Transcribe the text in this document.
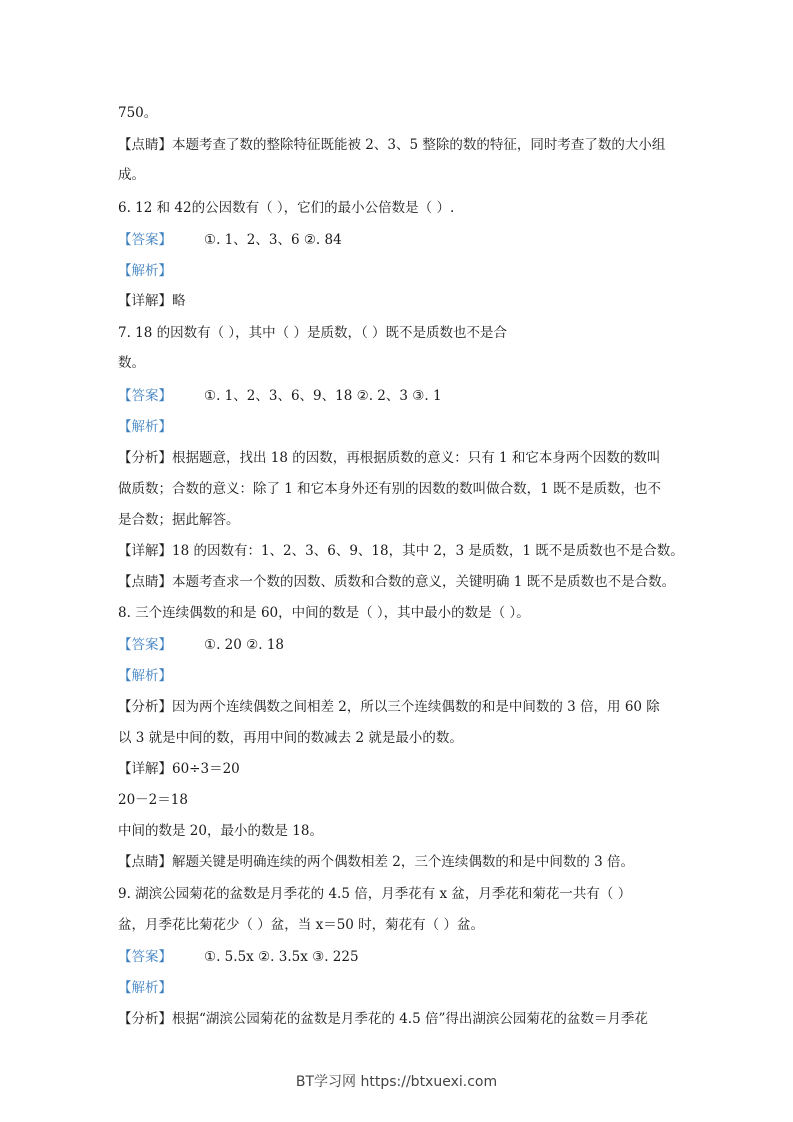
750。
【点睛】本题考查了数的整除特征既能被 2、3、5 整除的数的特征，同时考查了数的大小组
成。
6. 12 和 42的公因数有（ ），它们的最小公倍数是（ ）.
【答案】 ①. 1、2、3、6 ②. 84
【解析】
【详解】略
7. 18 的因数有（ ），其中（ ）是质数，（ ）既不是质数也不是合
数。
【答案】 ①. 1、2、3、6、9、18 ②. 2、3 ③. 1
【解析】
【分析】根据题意，找出 18 的因数，再根据质数的意义：只有 1 和它本身两个因数的数叫
做质数；合数的意义：除了 1 和它本身外还有别的因数的数叫做合数，1 既不是质数，也不
是合数；据此解答。
【详解】18 的因数有：1、2、3、6、9、18，其中 2，3 是质数，1 既不是质数也不是合数。
【点睛】本题考查求一个数的因数、质数和合数的意义，关键明确 1 既不是质数也不是合数。
8. 三个连续偶数的和是 60，中间的数是（ ），其中最小的数是（ ）。
【答案】 ①. 20 ②. 18
【解析】
【分析】因为两个连续偶数之间相差 2，所以三个连续偶数的和是中间数的 3 倍，用 60 除
以 3 就是中间的数，再用中间的数减去 2 就是最小的数。
【详解】60÷3＝20
20－2＝18
中间的数是 20，最小的数是 18。
【点睛】解题关键是明确连续的两个偶数相差 2，三个连续偶数的和是中间数的 3 倍。
9. 湖滨公园菊花的盆数是月季花的 4.5 倍，月季花有 x 盆，月季花和菊花一共有（ ）
盆，月季花比菊花少（ ）盆，当 x＝50 时，菊花有（ ）盆。
【答案】 ①. 5.5x ②. 3.5x ③. 225
【解析】
【分析】根据“湖滨公园菊花的盆数是月季花的 4.5 倍”得出湖滨公园菊花的盆数＝月季花
BT学习网 https://btxuexi.com
